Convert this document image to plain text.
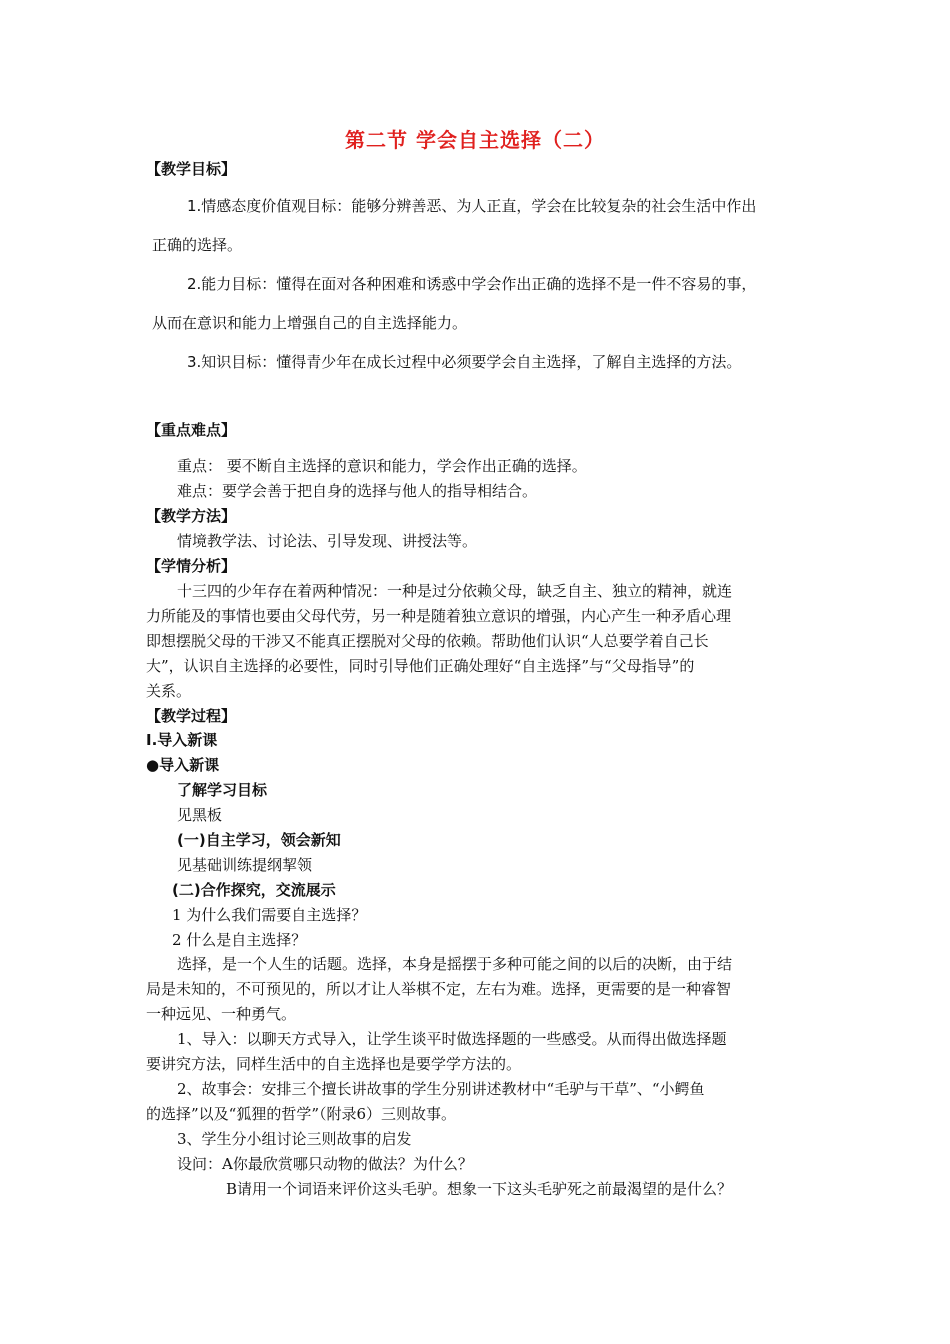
第二节 学会自主选择（二）
【教学目标】
1.情感态度价值观目标：能够分辨善恶、为人正直，学会在比较复杂的社会生活中作出
正确的选择。
2.能力目标：懂得在面对各种困难和诱惑中学会作出正确的选择不是一件不容易的事，
从而在意识和能力上增强自己的自主选择能力。
3.知识目标：懂得青少年在成长过程中必须要学会自主选择，了解自主选择的方法。
【重点难点】
重点： 要不断自主选择的意识和能力，学会作出正确的选择。
难点：要学会善于把自身的选择与他人的指导相结合。
【教学方法】
情境教学法、讨论法、引导发现、讲授法等。
【学情分析】
十三四的少年存在着两种情况：一种是过分依赖父母，缺乏自主、独立的精神，就连
力所能及的事情也要由父母代劳，另一种是随着独立意识的增强，内心产生一种矛盾心理
即想摆脱父母的干涉又不能真正摆脱对父母的依赖。帮助他们认识“人总要学着自己长
大”，认识自主选择的必要性，同时引导他们正确处理好“自主选择”与“父母指导”的
关系。
【教学过程】
Ⅰ.导入新课
●导入新课
了解学习目标
见黑板
(一)自主学习，领会新知
见基础训练提纲挈领
(二)合作探究，交流展示
1 为什么我们需要自主选择？
2 什么是自主选择？
选择，是一个人生的话题。选择，本身是摇摆于多种可能之间的以后的决断，由于结
局是未知的，不可预见的，所以才让人举棋不定，左右为难。选择，更需要的是一种睿智
一种远见、一种勇气。
1、导入：以聊天方式导入，让学生谈平时做选择题的一些感受。从而得出做选择题
要讲究方法，同样生活中的自主选择也是要学学方法的。
2、故事会：安排三个擅长讲故事的学生分别讲述教材中“毛驴与干草”、“小鳄鱼
的选择”以及“狐狸的哲学”（附录6）三则故事。
3、学生分小组讨论三则故事的启发
设问：A你最欣赏哪只动物的做法？为什么？
B请用一个词语来评价这头毛驴。想象一下这头毛驴死之前最渴望的是什么？
